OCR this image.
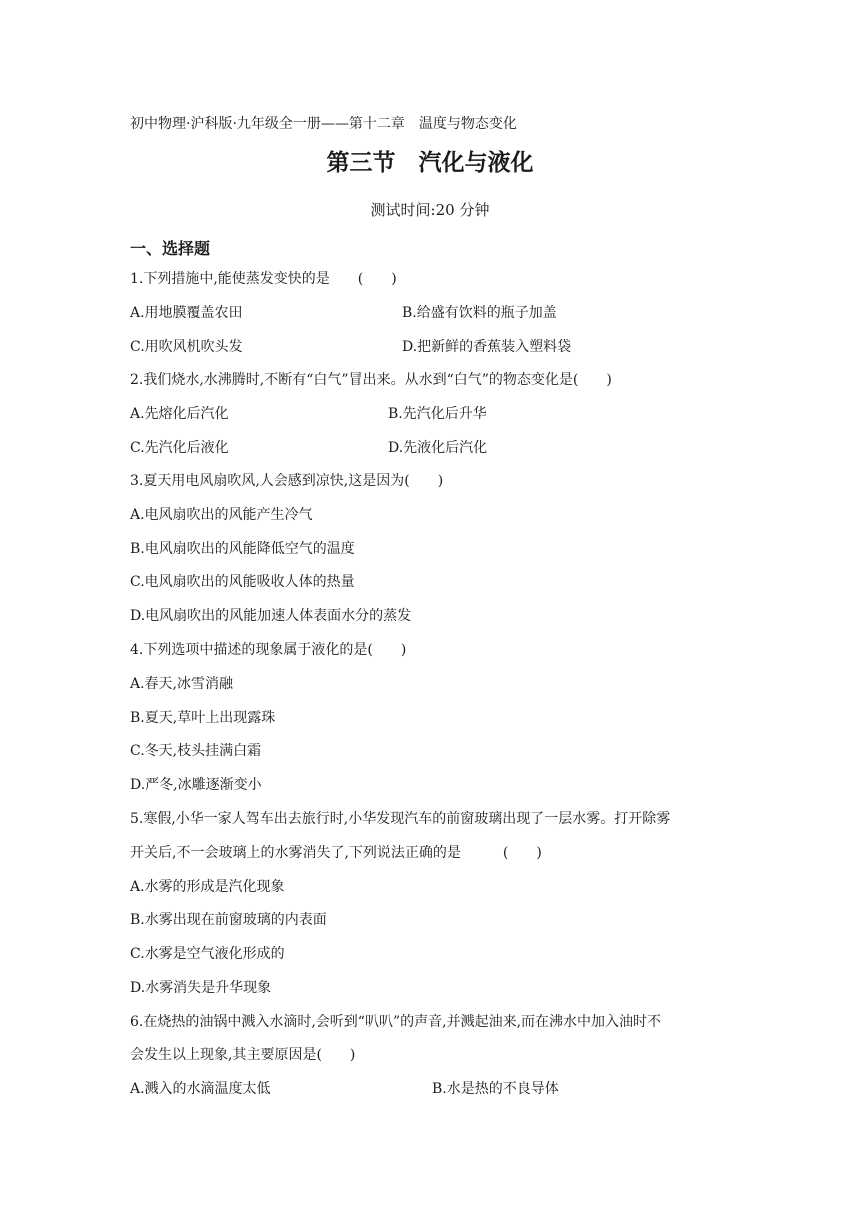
初中物理·沪科版·九年级全一册——第十二章　温度与物态变化
第三节　汽化与液化
测试时间:20 分钟
一、选择题
1.下列措施中,能使蒸发变快的是　　(　　)
A.用地膜覆盖农田	B.给盛有饮料的瓶子加盖
C.用吹风机吹头发	D.把新鲜的香蕉装入塑料袋
2.我们烧水,水沸腾时,不断有“白气”冒出来。从水到“白气”的物态变化是(　　)
A.先熔化后汽化	B.先汽化后升华
C.先汽化后液化	D.先液化后汽化
3.夏天用电风扇吹风,人会感到凉快,这是因为(　　)
A.电风扇吹出的风能产生冷气
B.电风扇吹出的风能降低空气的温度
C.电风扇吹出的风能吸收人体的热量
D.电风扇吹出的风能加速人体表面水分的蒸发
4.下列选项中描述的现象属于液化的是(　　)
A.春天,冰雪消融
B.夏天,草叶上出现露珠
C.冬天,枝头挂满白霜
D.严冬,冰雕逐渐变小
5.寒假,小华一家人驾车出去旅行时,小华发现汽车的前窗玻璃出现了一层水雾。打开除雾
开关后,不一会玻璃上的水雾消失了,下列说法正确的是　　　(　　)
A.水雾的形成是汽化现象
B.水雾出现在前窗玻璃的内表面
C.水雾是空气液化形成的
D.水雾消失是升华现象
6.在烧热的油锅中溅入水滴时,会听到“叭叭”的声音,并溅起油来,而在沸水中加入油时不
会发生以上现象,其主要原因是(　　)
A.溅入的水滴温度太低	B.水是热的不良导体
